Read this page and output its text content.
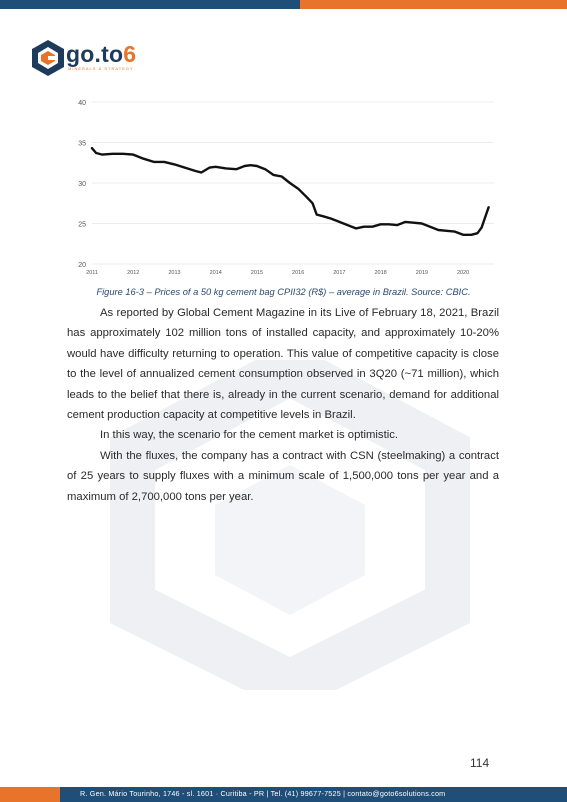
go.to6
MINERALS & STRATEGY
20
25
30
35
40
2011	2012	2013	2014	2015	2016	2017	2018	2019	2020
Figure 16-3 – Prices of a 50 kg cement bag CPII32 (R$) – average in Brazil. Source: CBIC.

As reported by Global Cement Magazine in its Live of February 18, 2021, Brazil has approximately 102 million tons of installed capacity, and approximately 10-20% would have difficulty returning to operation. This value of competitive capacity is close to the level of annualized cement consumption observed in 3Q20 (~71 million), which leads to the belief that there is, already in the current scenario, demand for additional cement production capacity at competitive levels in Brazil.

In this way, the scenario for the cement market is optimistic.

With the fluxes, the company has a contract with CSN (steelmaking) a contract of 25 years to supply fluxes with a minimum scale of 1,500,000 tons per year and a maximum of 2,700,000 tons per year.

114
R. Gen. Mário Tourinho, 1746 - sl. 1601 · Curitiba - PR | Tel. (41) 99677-7525 | contato@goto6solutions.com
